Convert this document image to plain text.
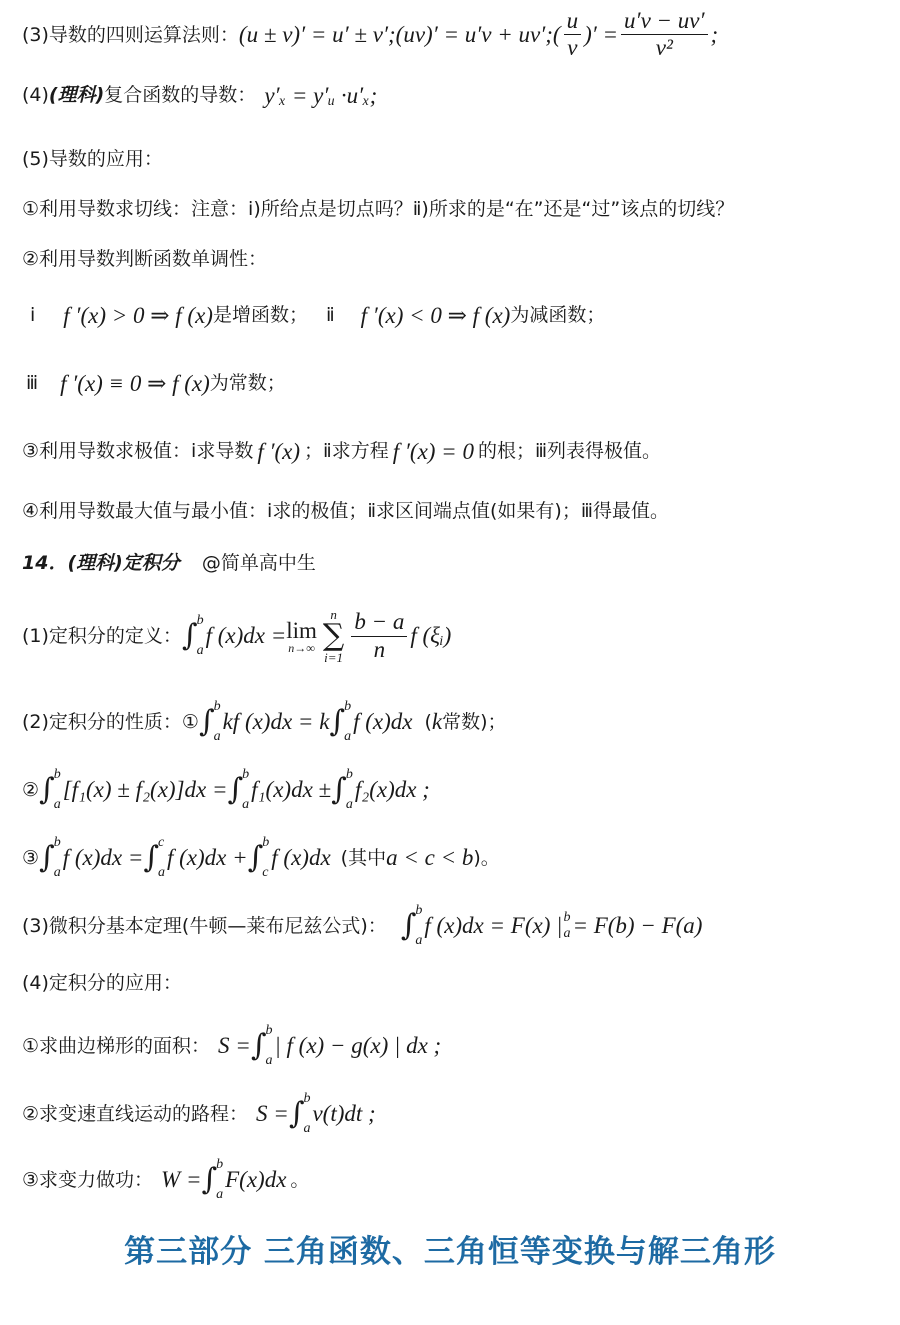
(3)导数的四则运算法则： (u ± v)′ = u′ ± v′;(uv)′ = u′v + uv′;( $\frac{u}{v}$ )′ = $\frac{u'v - uv'}{\text{v²}}$ ;
(4) (理科) 复合函数的导数： y′ₓ = y′ᵤ ·u′ₓ;
(5)导数的应用：
①利用导数求切线：注意：ⅰ)所给点是切点吗？ⅱ)所求的是“在”还是“过”该点的切线？
②利用导数判断函数单调性：
ⅰ f ′(x) > 0 ⇒ f (x) 是增函数； ⅱ f ′(x) < 0 ⇒ f (x) 为减函数；
ⅲ f ′(x) ≡ 0 ⇒ f (x) 为常数；
③利用导数求极值：ⅰ求导数 f ′(x) ；ⅱ求方程 f ′(x) = 0 的根；ⅲ列表得极值。
④利用导数最大值与最小值：ⅰ求的极值；ⅱ求区间端点值(如果有)；ⅲ得最值。
14．(理科)定积分 @简单高中生
(1)定积分的定义： ∫ b
a
f (x)dx = lim
n→∞
n
∑
$i=1 \frac{b - a}{n}$ f (ξᵢ)
(2)定积分的性质：① ∫ b
a
kf (x)dx = k ∫ b
a
f (x)dx ( k 常数)；
② ∫ b
a
[f₁(x) ± f₂(x)]dx = ∫ b
a
f₁(x)dx ± ∫ b
a
f₂(x)dx ;
③ ∫ b
a
f (x)dx = ∫ c
a
f (x)dx + ∫ b
c
f (x)dx (其中 a < c < b )。
(3)微积分基本定理(牛顿—莱布尼兹公式)： ∫ b
a
f (x)dx = F(x) | b
a = F(b) − F(a)
(4)定积分的应用：
①求曲边梯形的面积： S = ∫ b
a
| f (x) − g(x) | dx ;
②求变速直线运动的路程： S = ∫ b
a
v(t)dt ;
③求变力做功： W = ∫ b
a
F(x)dx 。
第三部分 三角函数、三角恒等变换与解三角形
